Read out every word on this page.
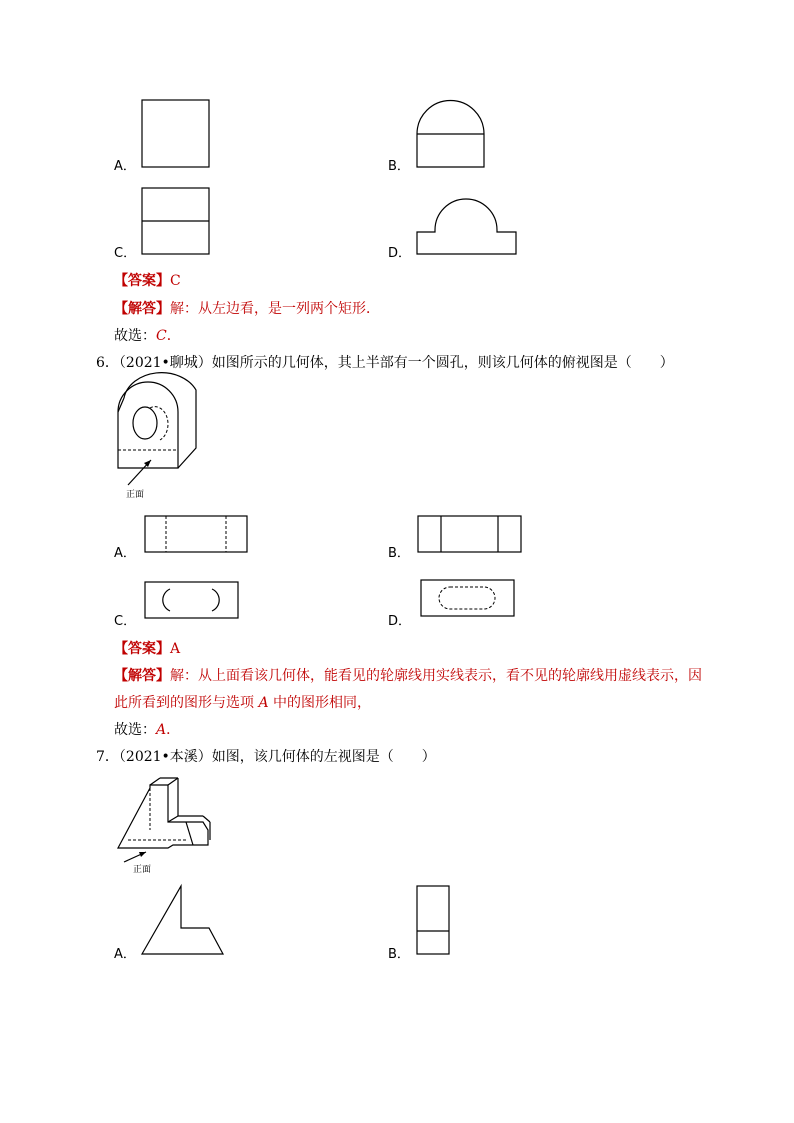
A．	B．
C．	D．
【答案】C
【解答】解：从左边看，是一列两个矩形．
故选：C．
6．（2021•聊城）如图所示的几何体，其上半部有一个圆孔，则该几何体的俯视图是（　　）
正面
A．	B．
C．	D．
【答案】A
【解答】解：从上面看该几何体，能看见的轮廓线用实线表示，看不见的轮廓线用虚线表示，因
此所看到的图形与选项 A 中的图形相同，
故选：A．
7．（2021•本溪）如图，该几何体的左视图是（　　）
正面
A．	B．
